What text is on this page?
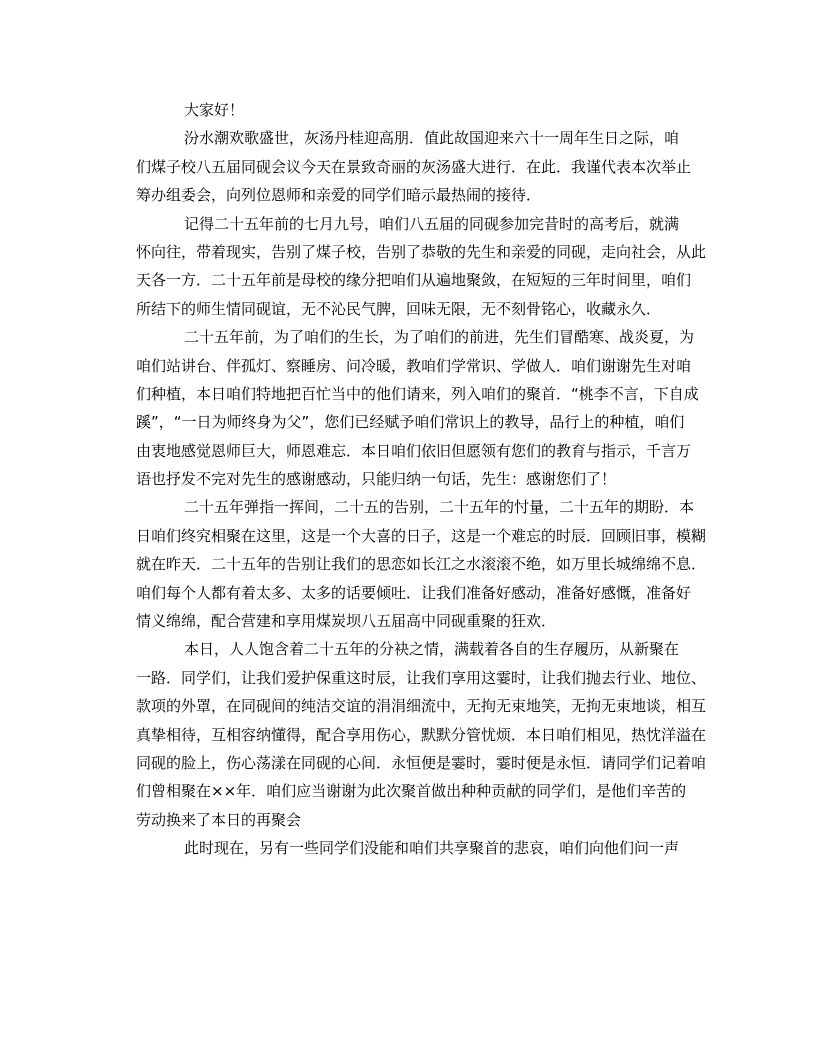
大家好！
汾水潮欢歌盛世，灰汤丹桂迎高朋．值此故国迎来六十一周年生日之际，咱
们煤子校八五届同砚会议今天在景致奇丽的灰汤盛大进行．在此．我谨代表本次举止
筹办组委会，向列位恩师和亲爱的同学们暗示最热闹的接待．
记得二十五年前的七月九号，咱们八五届的同砚参加完昔时的高考后，就满
怀向往，带着现实，告别了煤子校，告别了恭敬的先生和亲爱的同砚，走向社会，从此
天各一方．二十五年前是母校的缘分把咱们从遍地聚敛，在短短的三年时间里，咱们
所结下的师生情同砚谊，无不沁民气脾，回味无限，无不刻骨铭心，收藏永久．
二十五年前，为了咱们的生长，为了咱们的前进，先生们冒酷寒、战炎夏，为
咱们站讲台、伴孤灯、察睡房、问冷暖，教咱们学常识、学做人．咱们谢谢先生对咱
们种植，本日咱们特地把百忙当中的他们请来，列入咱们的聚首．“桃李不言，下自成
蹊”，“一日为师终身为父”，您们已经赋予咱们常识上的教导，品行上的种植，咱们
由衷地感觉恩师巨大，师恩难忘．本日咱们依旧但愿领有您们的教育与指示，千言万
语也抒发不完对先生的感谢感动，只能归纳一句话，先生：感谢您们了！
二十五年弹指一挥间，二十五的告别，二十五年的忖量，二十五年的期盼．本
日咱们终究相聚在这里，这是一个大喜的日子，这是一个难忘的时辰．回顾旧事，模糊
就在昨天．二十五年的告别让我们的思恋如长江之水滚滚不绝，如万里长城绵绵不息．
咱们每个人都有着太多、太多的话要倾吐．让我们准备好感动，准备好感慨，准备好
情义绵绵，配合营建和享用煤炭坝八五届高中同砚重聚的狂欢．
本日，人人饱含着二十五年的分袂之情，满载着各自的生存履历，从新聚在
一路．同学们，让我们爱护保重这时辰，让我们享用这霎时，让我们抛去行业、地位、
款项的外罩，在同砚间的纯洁交谊的涓涓细流中，无拘无束地笑，无拘无束地谈，相互
真挚相待，互相容纳懂得，配合享用伤心，默默分管忧烦．本日咱们相见，热忱洋溢在
同砚的脸上，伤心荡漾在同砚的心间．永恒便是霎时，霎时便是永恒．请同学们记着咱
们曾相聚在××年．咱们应当谢谢为此次聚首做出种种贡献的同学们，是他们辛苦的
劳动换来了本日的再聚会
此时现在，另有一些同学们没能和咱们共享聚首的悲哀，咱们向他们问一声
